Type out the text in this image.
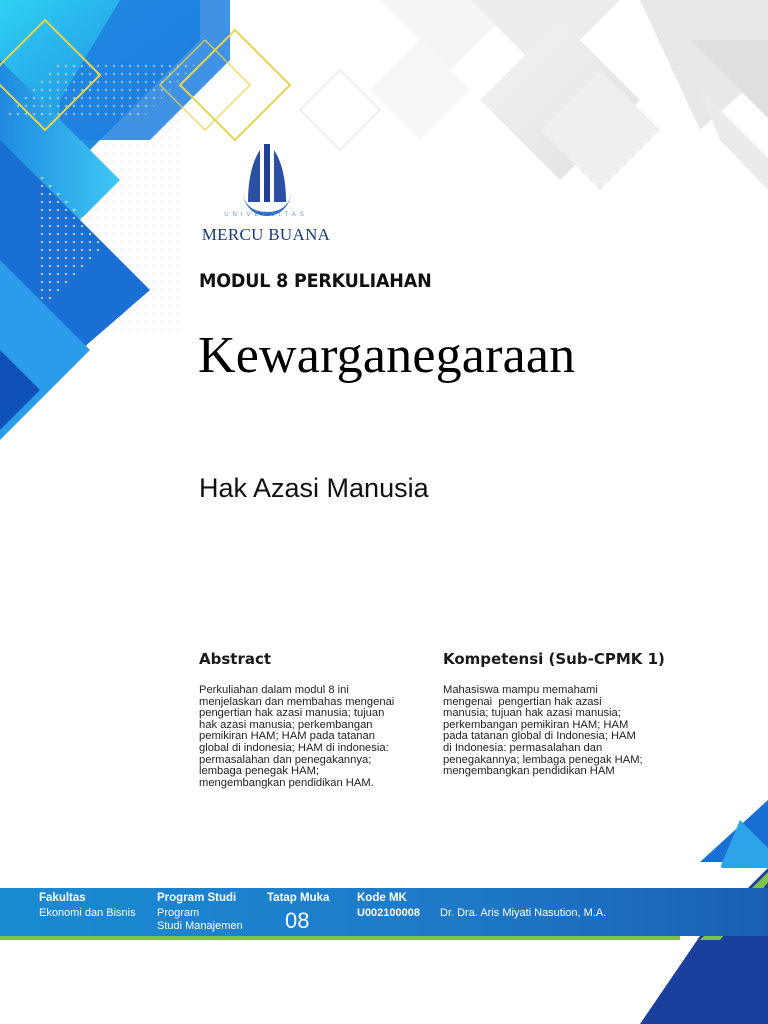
UNIVERSITAS
MERCU BUANA
MODUL 8 PERKULIAHAN
Kewarganegaraan
Hak Azasi Manusia
Abstract
Perkuliahan dalam modul 8 ini
menjelaskan dan membahas mengenai
pengertian hak azasi manusia; tujuan
hak azasi manusia; perkembangan
pemikiran HAM; HAM pada tatanan
global di indonesia; HAM di indonesia:
permasalahan dan penegakannya;
lembaga penegak HAM;
mengembangkan pendidikan HAM.
Kompetensi (Sub-CPMK 1)
Mahasiswa mampu memahami
mengenai  pengertian hak azasi
manusia; tujuan hak azasi manusia;
perkembangan pemikiran HAM; HAM
pada tatanan global di Indonesia; HAM
di Indonesia: permasalahan dan
penegakannya; lembaga penegak HAM;
mengembangkan pendidikan HAM
Fakultas
Ekonomi dan Bisnis
Program Studi
Program
Studi Manajemen
Tatap Muka
08
Kode MK
U002100008 Dr. Dra. Aris Miyati Nasution, M.A.
